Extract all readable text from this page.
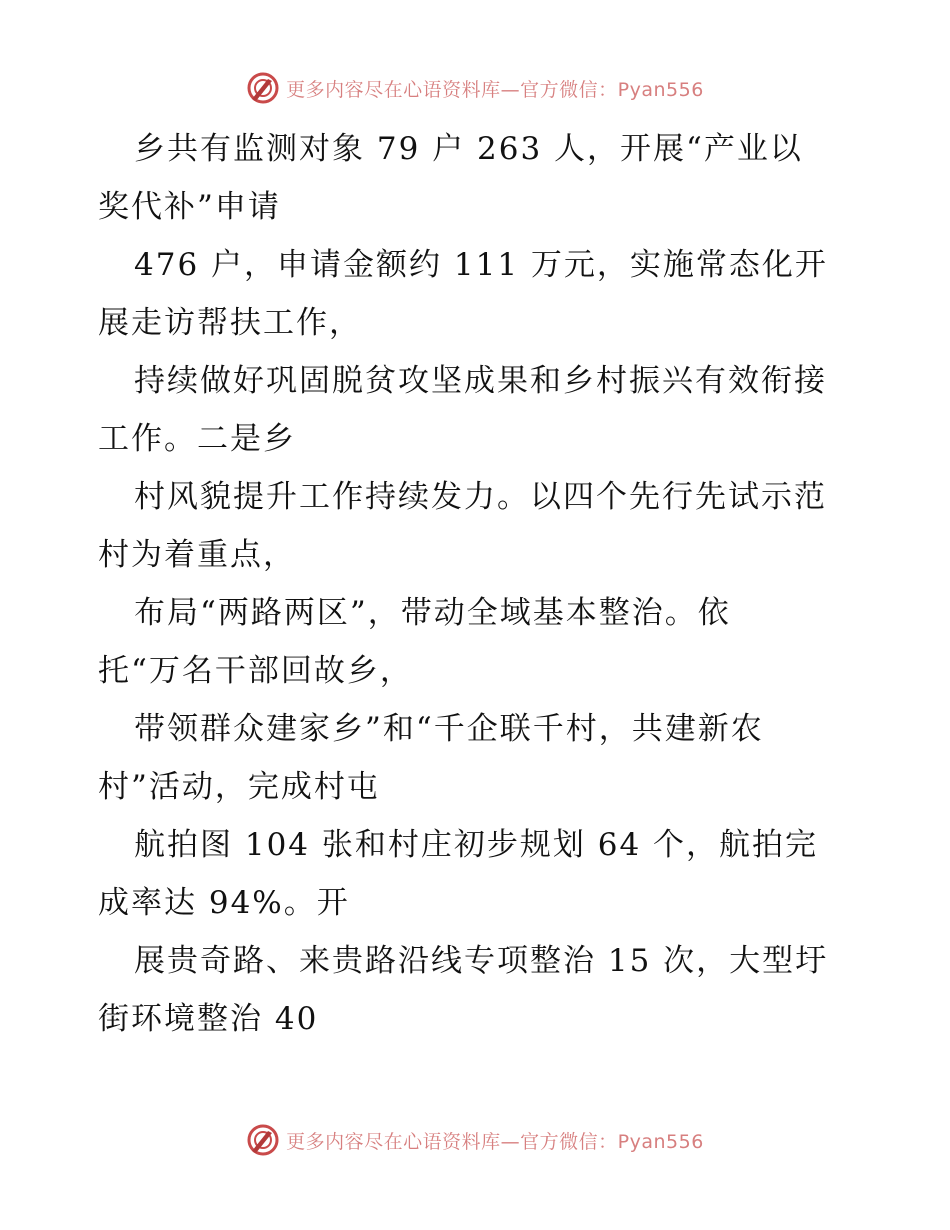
更多内容尽在心语资料库—官方微信：Pyan556
乡共有监测对象 79 户 263 人，开展“产业以
奖代补”申请
476 户，申请金额约 111 万元，实施常态化开
展走访帮扶工作，
持续做好巩固脱贫攻坚成果和乡村振兴有效衔接
工作。二是乡
村风貌提升工作持续发力。以四个先行先试示范
村为着重点，
布局“两路两区”，带动全域基本整治。依
托“万名干部回故乡，
带领群众建家乡”和“千企联千村，共建新农
村”活动，完成村屯
航拍图 104 张和村庄初步规划 64 个，航拍完
成率达 94%。开
展贵奇路、来贵路沿线专项整治 15 次，大型圩
街环境整治 40
更多内容尽在心语资料库—官方微信：Pyan556
